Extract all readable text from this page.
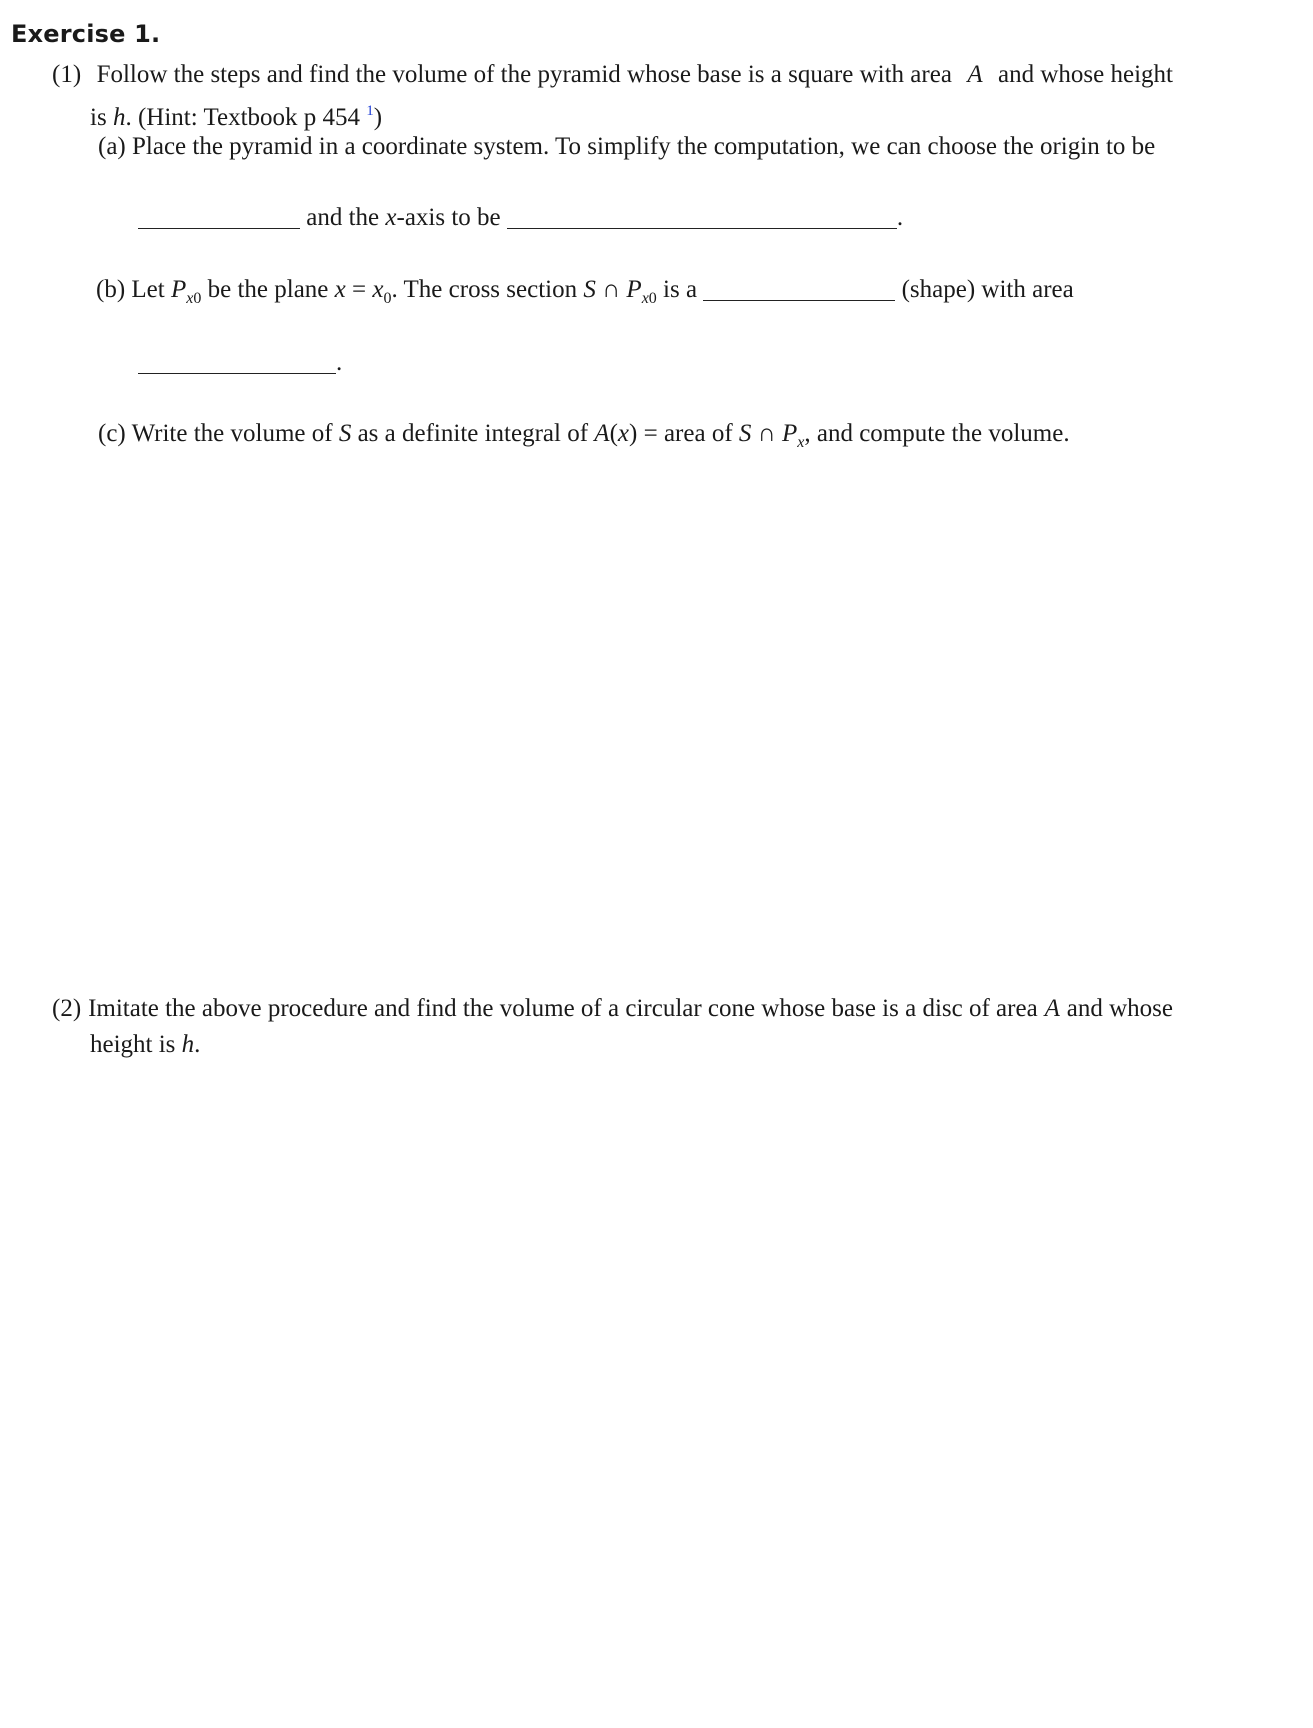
Exercise 1.
(1) Follow the steps and find the volume of the pyramid whose base is a square with area A and whose height
is h. (Hint: Textbook p 454 $^1$)
(a) Place the pyramid in a coordinate system. To simplify the computation, we can choose the origin to be
and the x-axis to be	.
(b) Let $P_{x0}$ be the plane $x = x_0$. The cross section S ∩ $P_{x0}$ is a	(shape) with area
.
(c) Write the volume of S as a definite integral of A(x) = area of S ∩ $P_x$, and compute the volume.
(2) Imitate the above procedure and find the volume of a circular cone whose base is a disc of area A and whose
height is h.
